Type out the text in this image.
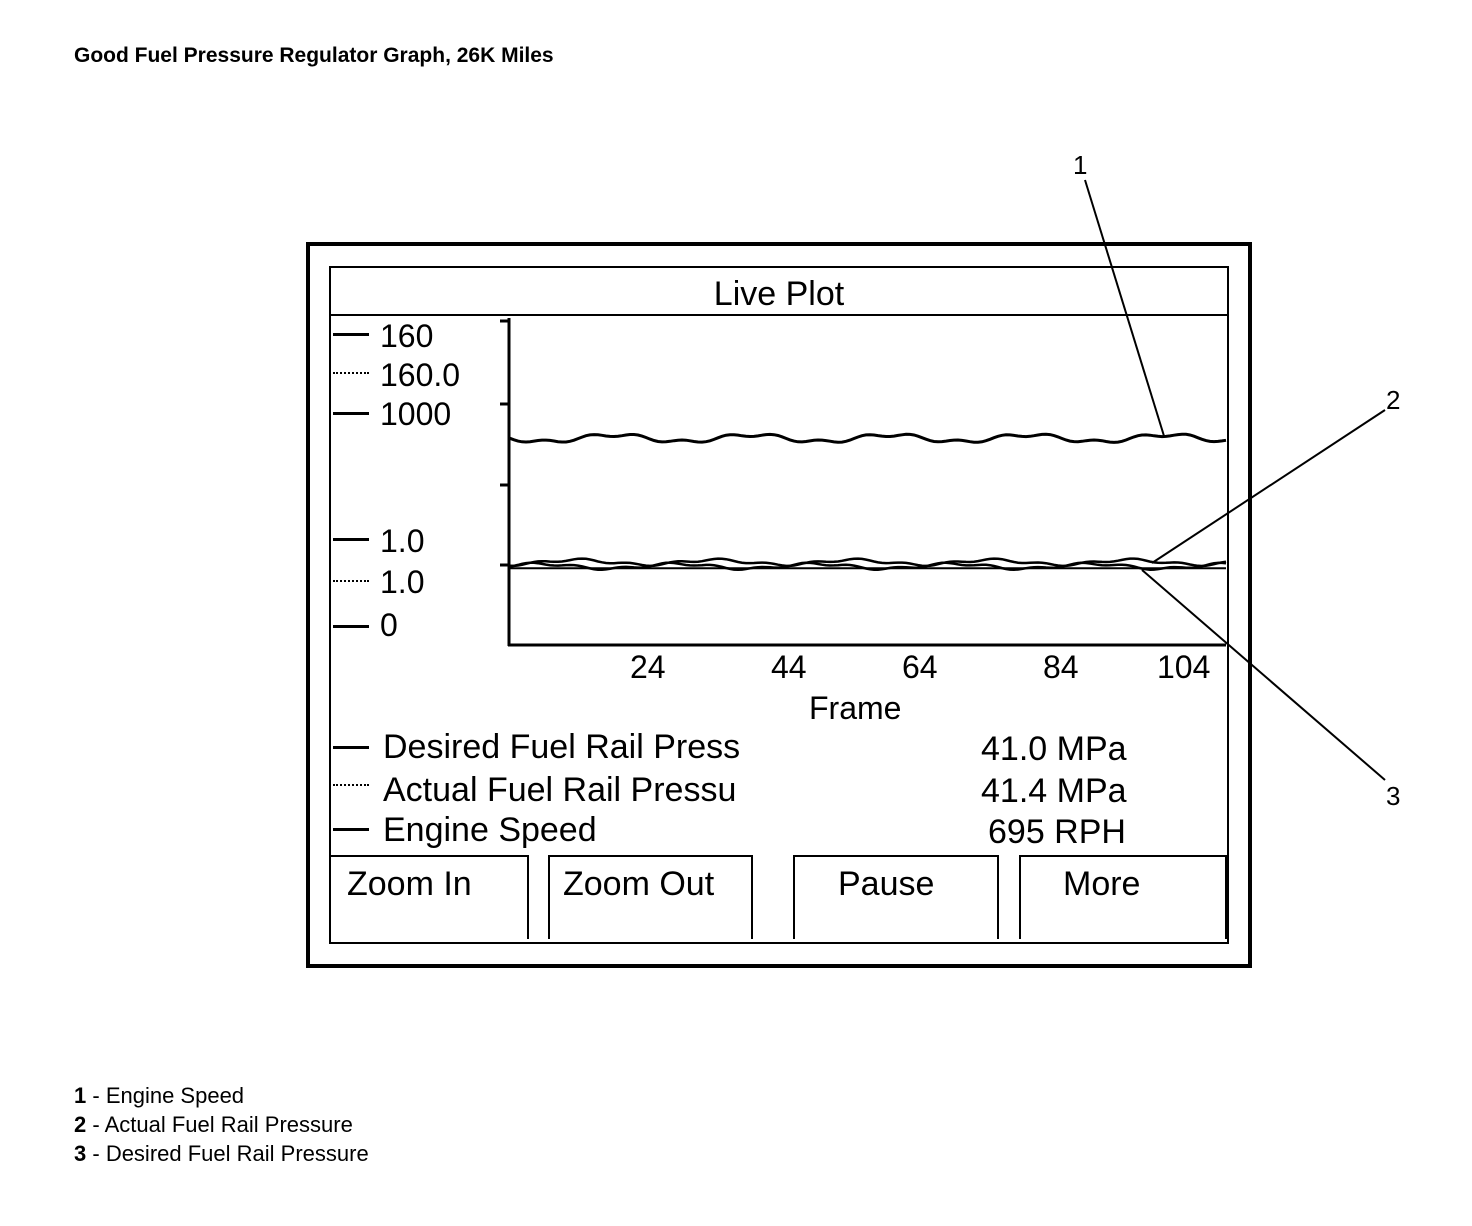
Good Fuel Pressure Regulator Graph, 26K Miles
Live Plot
160
160.0
1000
1.0
1.0
0
24	44	64	84 104
Frame
Desired Fuel Rail Press	41.0 MPa
Actual Fuel Rail Pressu	41.4 MPa
Engine Speed	695 RPH
Zoom In	Zoom Out	Pause	More
1
2
3
1 - Engine Speed
2 - Actual Fuel Rail Pressure
3 - Desired Fuel Rail Pressure
